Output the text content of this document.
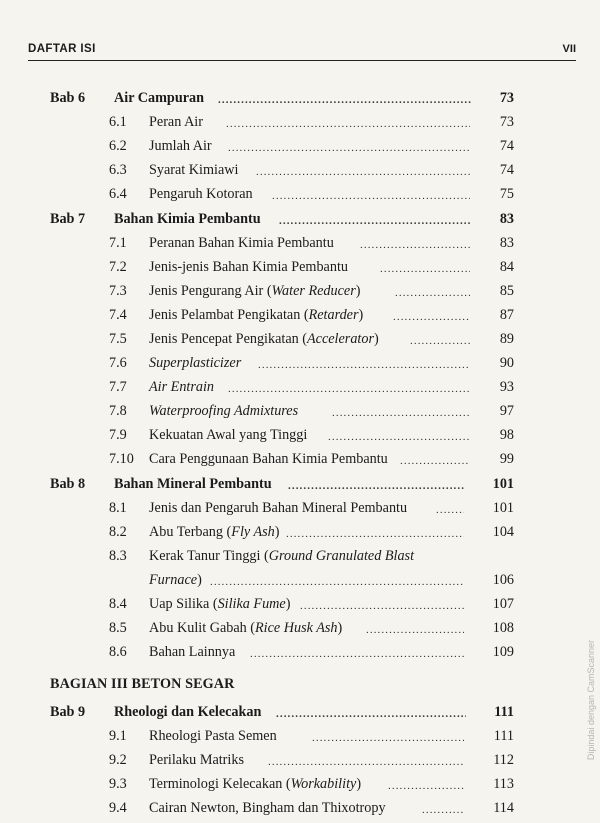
DAFTAR ISI	VII
Bab 6 Air Campuran .....	73
6.1 Peran Air .....	73
6.2 Jumlah Air .....	74
6.3 Syarat Kimiawi .....	74
6.4 Pengaruh Kotoran .....	75
Bab 7 Bahan Kimia Pembantu .....	83
7.1 Peranan Bahan Kimia Pembantu .....	83
7.2 Jenis-jenis Bahan Kimia Pembantu .....	84
7.3 Jenis Pengurang Air (Water Reducer) .....	85
7.4 Jenis Pelambat Pengikatan (Retarder) .....	87
7.5 Jenis Pencepat Pengikatan (Accelerator) .....	89
7.6 Superplasticizer .....	90
7.7 Air Entrain .....	93
7.8 Waterproofing Admixtures .....	97
7.9 Kekuatan Awal yang Tinggi .....	98
7.10 Cara Penggunaan Bahan Kimia Pembantu .....	99
Bab 8 Bahan Mineral Pembantu .....	101
8.1 Jenis dan Pengaruh Bahan Mineral Pembantu .....	101
8.2 Abu Terbang (Fly Ash) .....	104
8.3 Kerak Tanur Tinggi (Ground Granulated Blast
Furnace) .....	106
8.4 Uap Silika (Silika Fume) .....	107
8.5 Abu Kulit Gabah (Rice Husk Ash) .....	108
8.6 Bahan Lainnya .....	109
BAGIAN III BETON SEGAR
Bab 9 Rheologi dan Kelecakan .....	111
9.1 Rheologi Pasta Semen .....	111
9.2 Perilaku Matriks .....	112
9.3 Terminologi Kelecakan (Workability) .....	113
9.4 Cairan Newton, Bingham dan Thixotropy .....	114
Dipindai dengan CamScanner
